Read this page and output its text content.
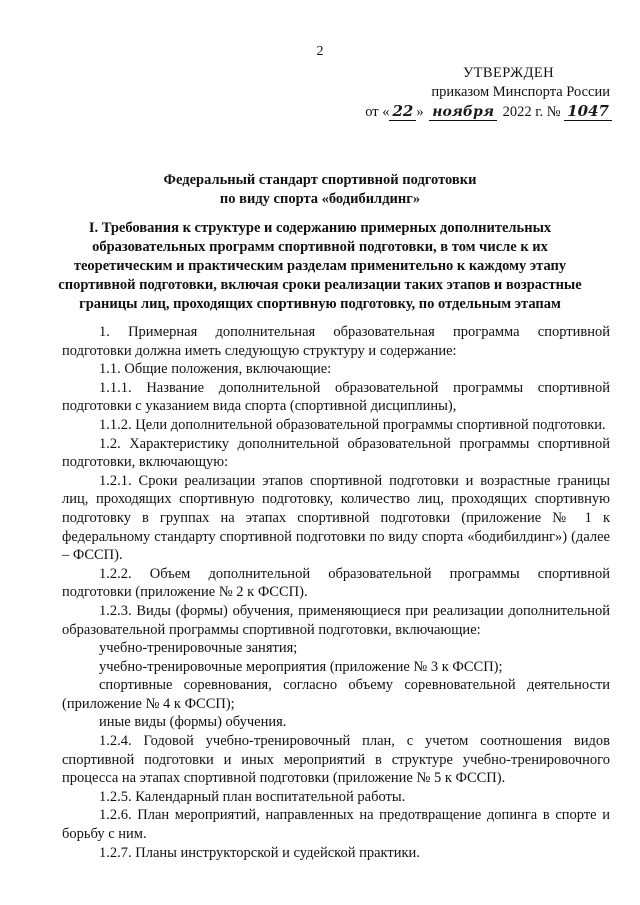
2
УТВЕРЖДЕН
приказом Минспорта России
от « 22 » ноября 2022 г. № 1047
Федеральный стандарт спортивной подготовки
по виду спорта «бодибилдинг»
I. Требования к структуре и содержанию примерных дополнительных
образовательных программ спортивной подготовки, в том числе к их
теоретическим и практическим разделам применительно к каждому этапу
спортивной подготовки, включая сроки реализации таких этапов и возрастные
границы лиц, проходящих спортивную подготовку, по отдельным этапам

1. Примерная дополнительная образовательная программа спортивной подготовки должна иметь следующую структуру и содержание:

1.1. Общие положения, включающие:

1.1.1. Название дополнительной образовательной программы спортивной подготовки с указанием вида спорта (спортивной дисциплины),

1.1.2. Цели дополнительной образовательной программы спортивной подготовки.

1.2. Характеристику дополнительной образовательной программы спортивной подготовки, включающую:

1.2.1. Сроки реализации этапов спортивной подготовки и возрастные границы лиц, проходящих спортивную подготовку, количество лиц, проходящих спортивную подготовку в группах на этапах спортивной подготовки (приложение № 1 к федеральному стандарту спортивной подготовки по виду спорта «бодибилдинг») (далее – ФССП).

1.2.2. Объем дополнительной образовательной программы спортивной подготовки (приложение № 2 к ФССП).

1.2.3. Виды (формы) обучения, применяющиеся при реализации дополнительной образовательной программы спортивной подготовки, включающие:

учебно-тренировочные занятия;

учебно-тренировочные мероприятия (приложение № 3 к ФССП);

спортивные соревнования, согласно объему соревновательной деятельности (приложение № 4 к ФССП);

иные виды (формы) обучения.

1.2.4. Годовой учебно-тренировочный план, с учетом соотношения видов спортивной подготовки и иных мероприятий в структуре учебно-тренировочного процесса на этапах спортивной подготовки (приложение № 5 к ФССП).

1.2.5. Календарный план воспитательной работы.

1.2.6. План мероприятий, направленных на предотвращение допинга в спорте и борьбу с ним.

1.2.7. Планы инструкторской и судейской практики.
